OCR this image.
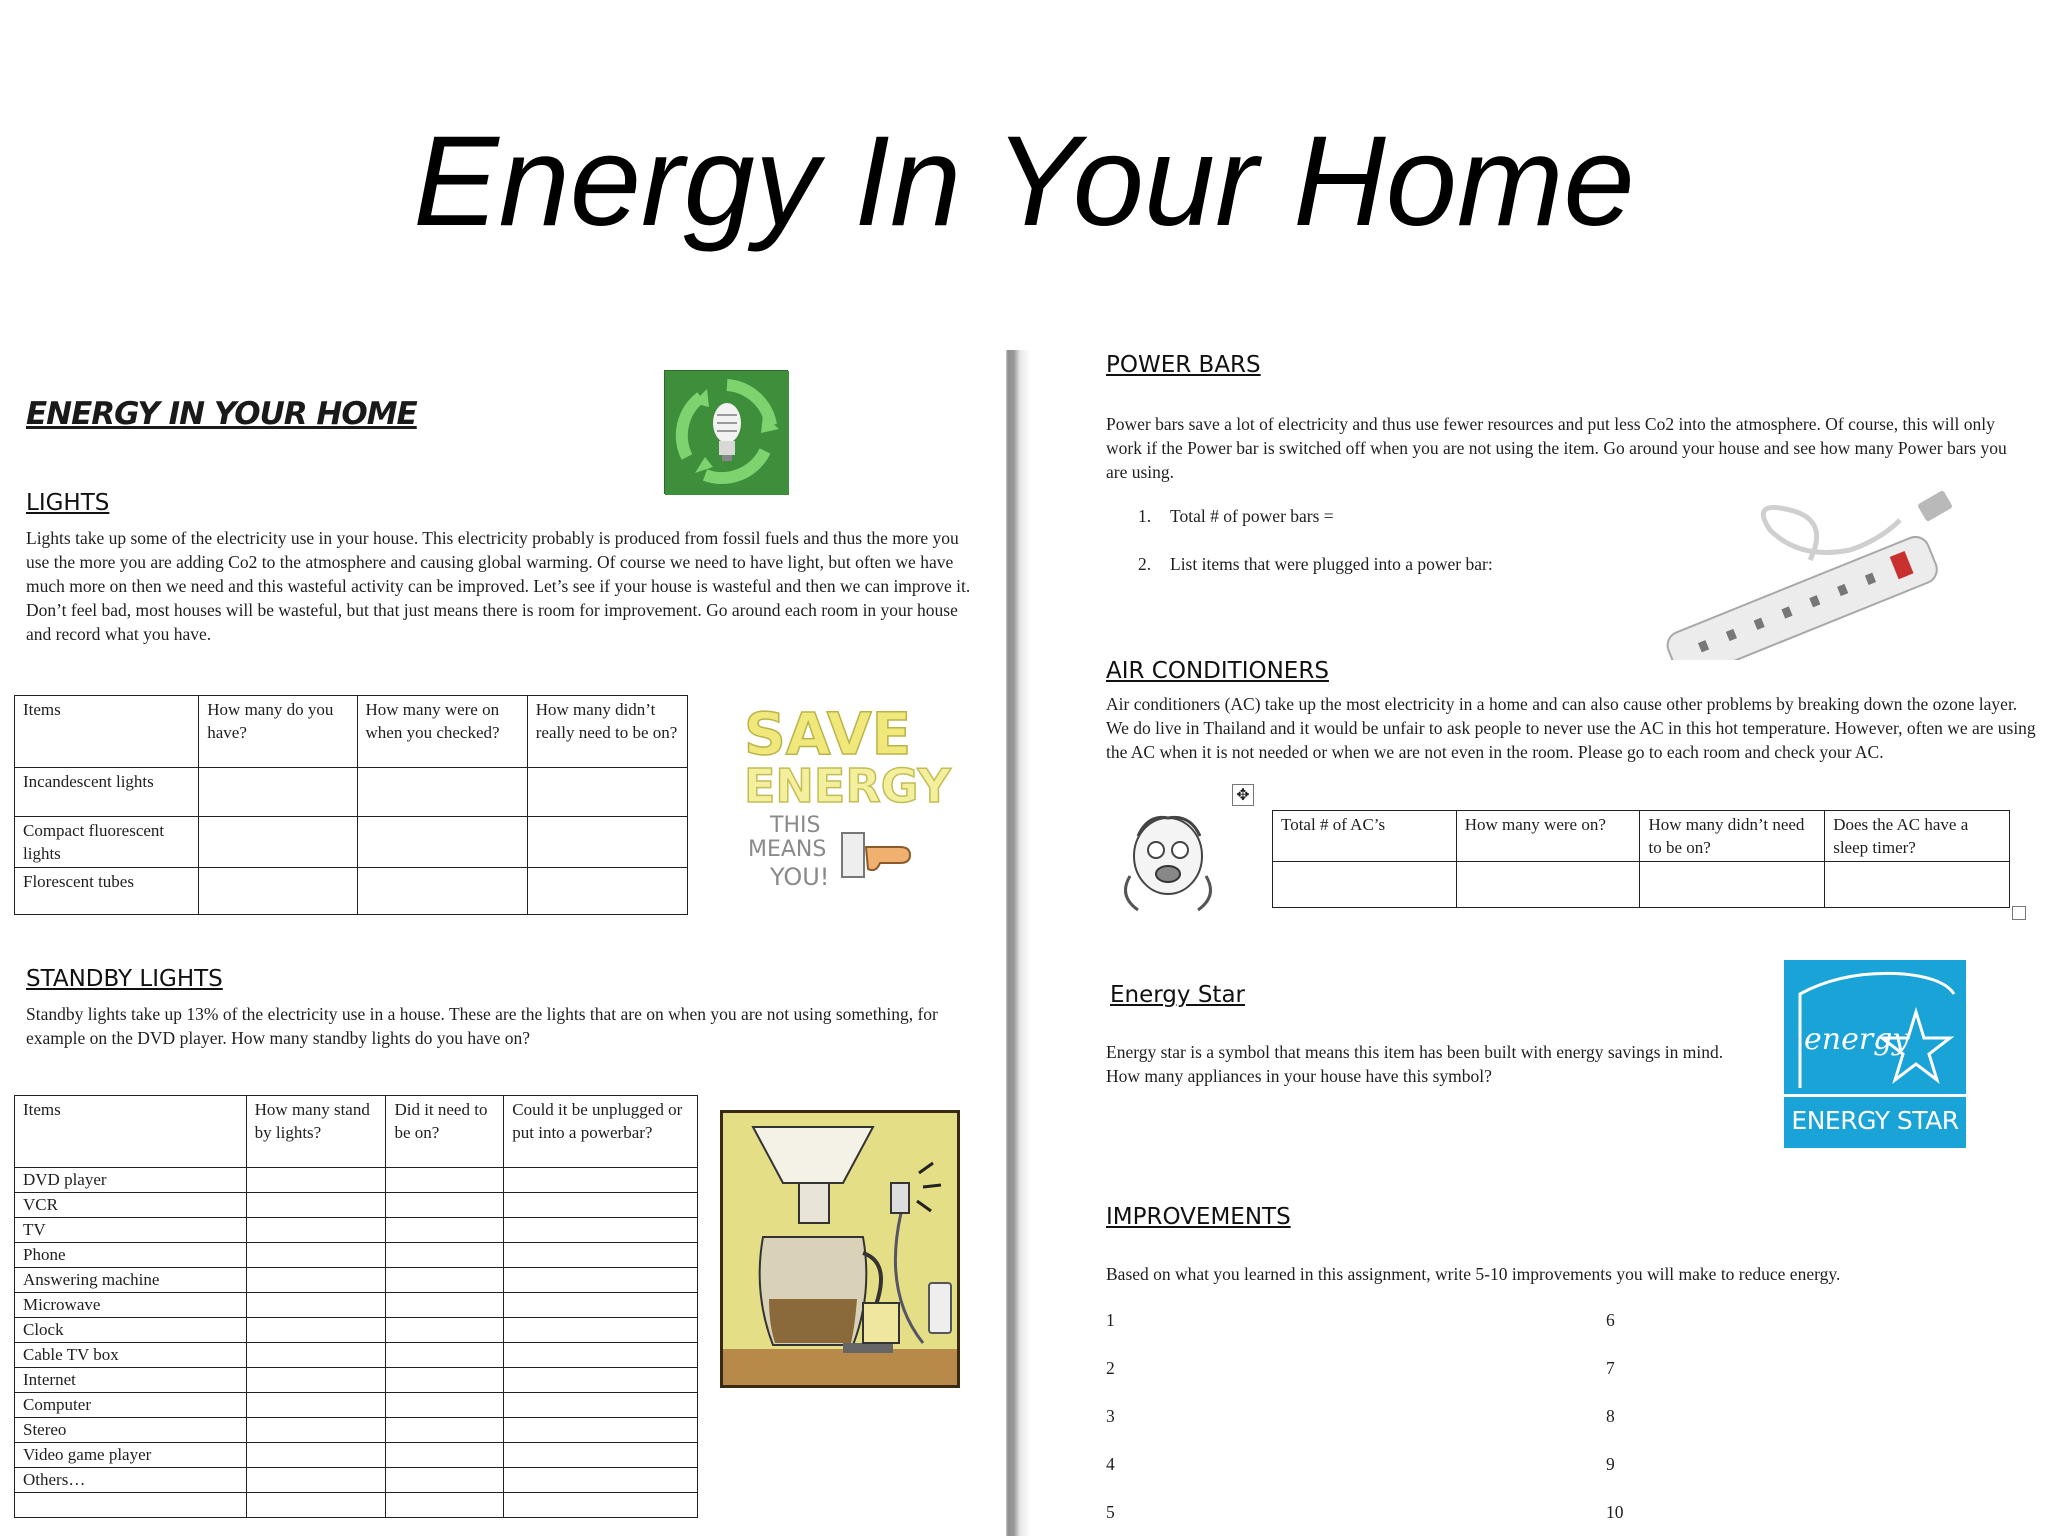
Energy In Your Home
ENERGY IN YOUR HOME
LIGHTS
Lights take up some of the electricity use in your house. This electricity probably is produced from fossil fuels and thus the more you use the more you are adding Co2 to the atmosphere and causing global warming. Of course we need to have light, but often we have much more on then we need and this wasteful activity can be improved. Let’s see if your house is wasteful and then we can improve it. Don’t feel bad, most houses will be wasteful, but that just means there is room for improvement. Go around each room in your house and record what you have.
Items	How many do you have?	How many were on when you checked?	How many didn’t really need to be on?
Incandescent lights			
Compact fluorescent lights			
Florescent tubes			
SAVE
ENERGY
THIS
MEANS
YOU!
STANDBY LIGHTS
Standby lights take up 13% of the electricity use in a house. These are the lights that are on when you are not using something, for example on the DVD player. How many standby lights do you have on?
Items	How many stand by lights?	Did it need to be on?	Could it be unplugged or put into a powerbar?
DVD player			
VCR			
TV			
Phone			
Answering machine			
Microwave			
Clock			
Cable TV box			
Internet			
Computer			
Stereo			
Video game player			
Others…			

POWER BARS
Power bars save a lot of electricity and thus use fewer resources and put less Co2 into the atmosphere. Of course, this will only work if the Power bar is switched off when you are not using the item. Go around your house and see how many Power bars you are using.
1. Total # of power bars =
2. List items that were plugged into a power bar:
AIR CONDITIONERS
Air conditioners (AC) take up the most electricity in a home and can also cause other problems by breaking down the ozone layer. We do live in Thailand and it would be unfair to ask people to never use the AC in this hot temperature. However, often we are using the AC when it is not needed or when we are not even in the room. Please go to each room and check your AC.
✥
Total # of AC’s	How many were on?	How many didn’t need to be on?	Does the AC have a sleep timer?

Energy Star
Energy star is a symbol that means this item has been built with energy savings in mind. How many appliances in your house have this symbol?
energy
ENERGY STAR
IMPROVEMENTS
Based on what you learned in this assignment, write 5-10 improvements you will make to reduce energy.
1
2
3
4
5
6
7
8
9
10
